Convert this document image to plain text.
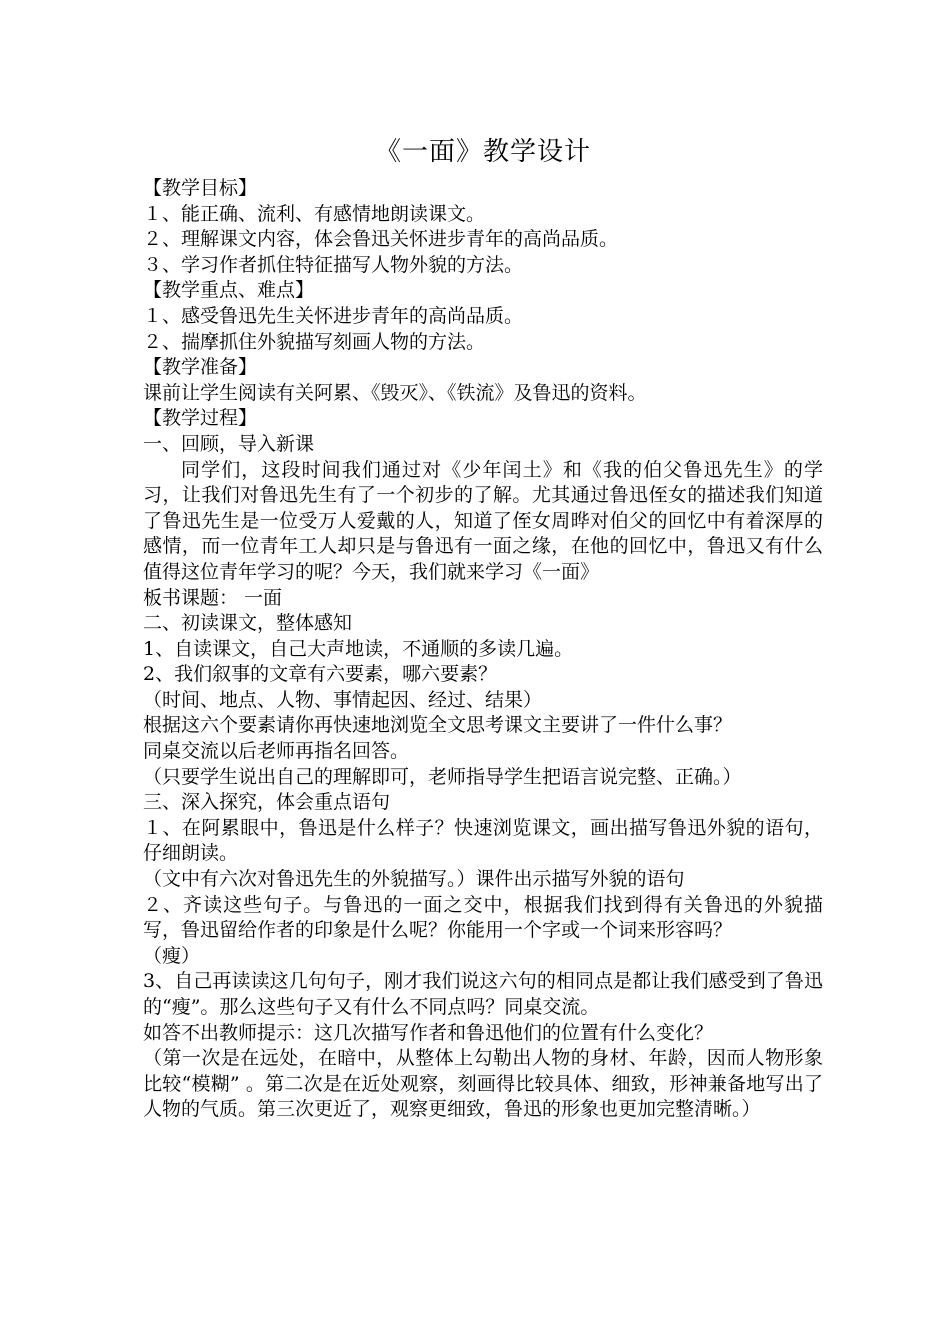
《一面》教学设计
【教学目标】
１、能正确、流利、有感情地朗读课文。
２、理解课文内容，体会鲁迅关怀进步青年的高尚品质。
３、学习作者抓住特征描写人物外貌的方法。
【教学重点、难点】
１、感受鲁迅先生关怀进步青年的高尚品质。
２、揣摩抓住外貌描写刻画人物的方法。
【教学准备】
课前让学生阅读有关阿累、《毁灭》、《铁流》及鲁迅的资料。
【教学过程】
一、回顾，导入新课
同学们，这段时间我们通过对《少年闰土》和《我的伯父鲁迅先生》的学习，让我们对鲁迅先生有了一个初步的了解。尤其通过鲁迅侄女的描述我们知道了鲁迅先生是一位受万人爱戴的人，知道了侄女周晔对伯父的回忆中有着深厚的感情，而一位青年工人却只是与鲁迅有一面之缘，在他的回忆中，鲁迅又有什么值得这位青年学习的呢？今天，我们就来学习《一面》
板书课题： 一面
二、初读课文，整体感知
1、自读课文，自己大声地读，不通顺的多读几遍。
2、我们叙事的文章有六要素，哪六要素？
（时间、地点、人物、事情起因、经过、结果）
根据这六个要素请你再快速地浏览全文思考课文主要讲了一件什么事？
同桌交流以后老师再指名回答。
（只要学生说出自己的理解即可，老师指导学生把语言说完整、正确。）
三、深入探究，体会重点语句
１、在阿累眼中，鲁迅是什么样子？快速浏览课文，画出描写鲁迅外貌的语句，仔细朗读。
（文中有六次对鲁迅先生的外貌描写。）课件出示描写外貌的语句
２、齐读这些句子。与鲁迅的一面之交中，根据我们找到得有关鲁迅的外貌描写，鲁迅留给作者的印象是什么呢？你能用一个字或一个词来形容吗？
（瘦）
3、自己再读读这几句句子，刚才我们说这六句的相同点是都让我们感受到了鲁迅的“瘦”。那么这些句子又有什么不同点吗？同桌交流。
如答不出教师提示：这几次描写作者和鲁迅他们的位置有什么变化？
（第一次是在远处，在暗中，从整体上勾勒出人物的身材、年龄，因而人物形象比较“模糊” 。第二次是在近处观察，刻画得比较具体、细致，形神兼备地写出了人物的气质。第三次更近了，观察更细致，鲁迅的形象也更加完整清晰。）
